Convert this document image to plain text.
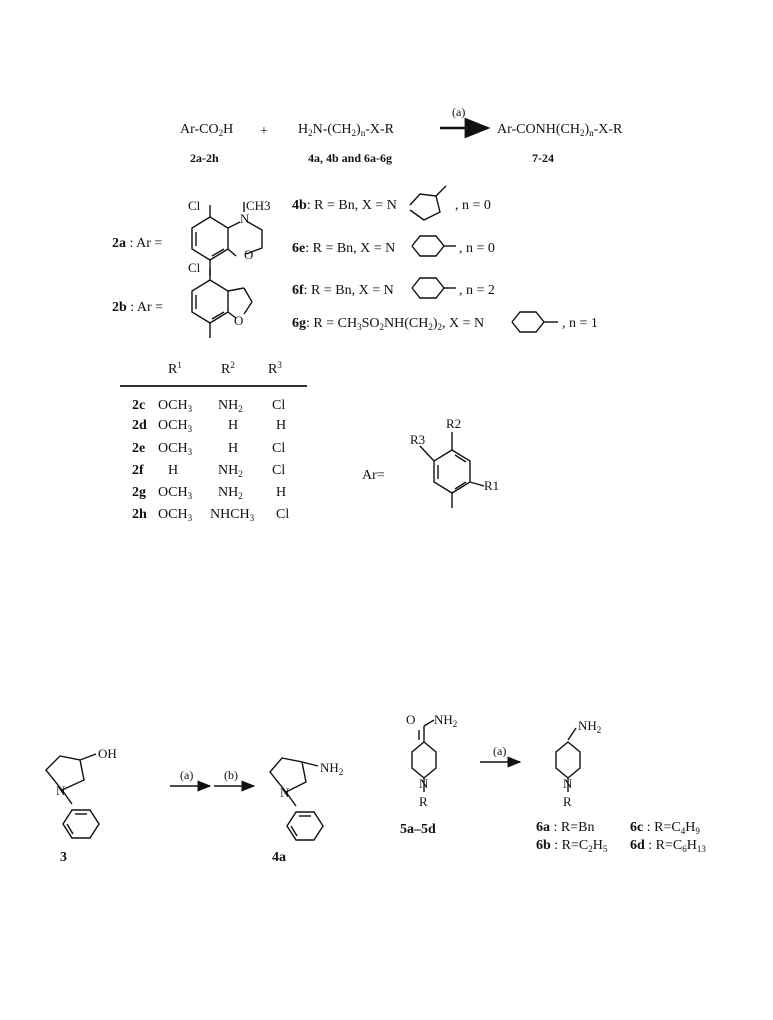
$Ar-CO_2H$
2a-2h
+ $H_2N-(CH_2)_n-X-R$
4a, 4b and 6a-6g
(a)
$Ar-CONH(CH_2)_n-X-R$
7-24
2a : Ar =
2b : Ar =
4b: R = Bn, X = N	, n = 0
6e: R = Bn, X = N	, n = 0
6f: R = Bn, X = N	, n = 2
6g: $R = CH_3SO_2NH(CH_2)_2$, X = N	, n = 1
$R^1$	$R^2$ $R^3$
2c $OCH_3$ $NH_2$ Cl
2d $OCH_3$	H	H
2e $OCH_3$	H Cl
2f H	$NH_2$ Cl
2g $OCH_3$ $NH_2$ H
2h $OCH_3$ $NHCH_3$ Cl
Ar=
3
(a)	(b)
4a
5a–5d
(a)
6a : R=Bn
6b : $R=C_2H_5$
6c : $R=C_4H_9$
6d : $R=C_6H_{13}$
Cl
N
O
CH3
Cl
O
R2
R3
R1
OH
N
$NH_2$
N
O $NH_2$
N
R
$NH_2$
N
R
